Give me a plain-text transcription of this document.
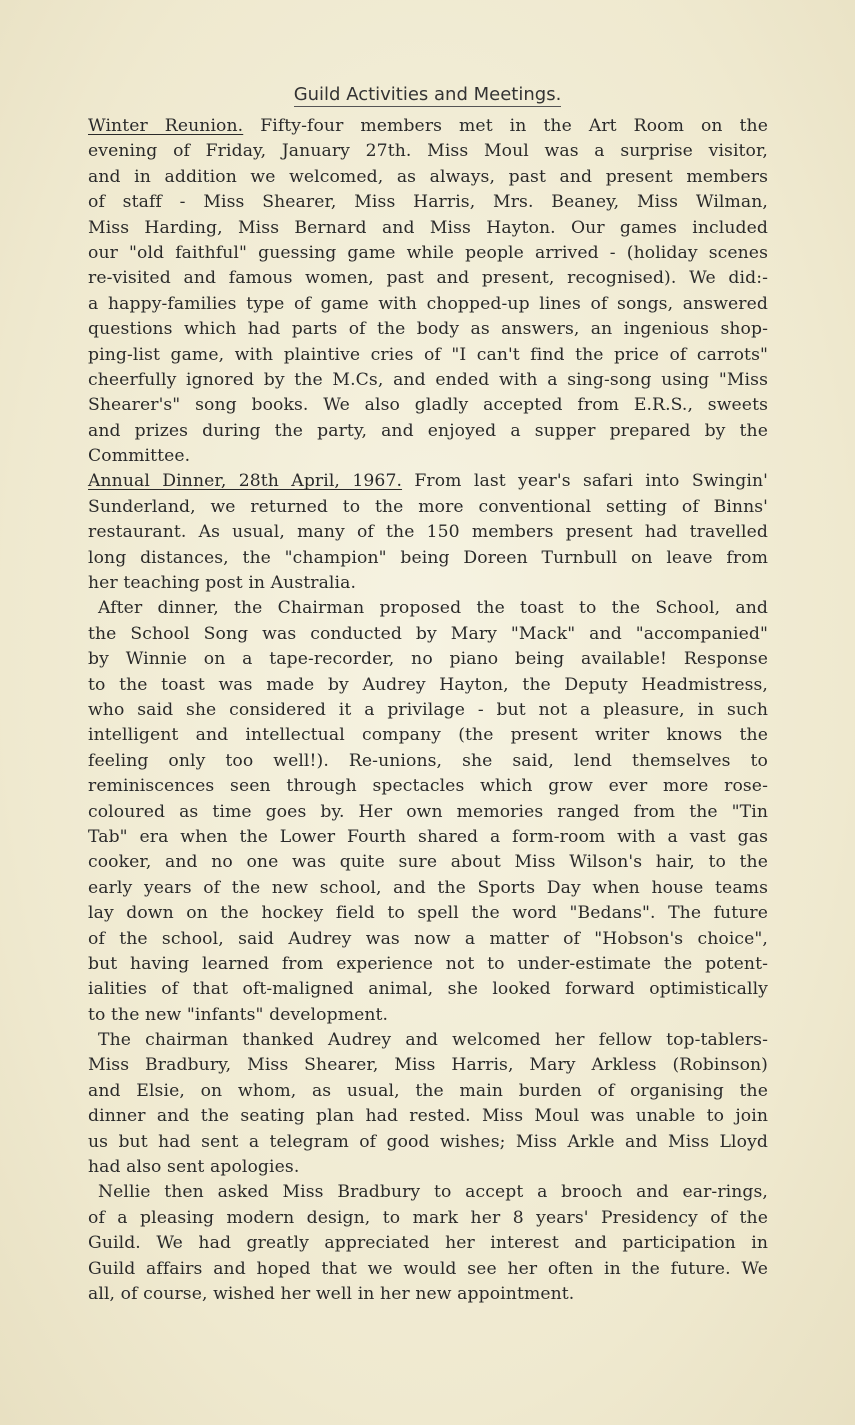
Guild Activities and Meetings.
Winter Reunion. Fifty-four members met in the Art Room on the
evening of Friday, January 27th. Miss Moul was a surprise visitor,
and in addition we welcomed, as always, past and present members
of staff - Miss Shearer, Miss Harris, Mrs. Beaney, Miss Wilman,
Miss Harding, Miss Bernard and Miss Hayton. Our games included
our "old faithful" guessing game while people arrived - (holiday scenes
re-visited and famous women, past and present, recognised). We did:-
a happy-families type of game with chopped-up lines of songs, answered
questions which had parts of the body as answers, an ingenious shop-
ping-list game, with plaintive cries of "I can't find the price of carrots"
cheerfully ignored by the M.Cs, and ended with a sing-song using "Miss
Shearer's" song books. We also gladly accepted from E.R.S., sweets
and prizes during the party, and enjoyed a supper prepared by the
Committee.
Annual Dinner, 28th April, 1967. From last year's safari into Swingin'
Sunderland, we returned to the more conventional setting of Binns'
restaurant. As usual, many of the 150 members present had travelled
long distances, the "champion" being Doreen Turnbull on leave from
her teaching post in Australia.
After dinner, the Chairman proposed the toast to the School, and
the School Song was conducted by Mary "Mack" and "accompanied"
by Winnie on a tape-recorder, no piano being available! Response
to the toast was made by Audrey Hayton, the Deputy Headmistress,
who said she considered it a privilage - but not a pleasure, in such
intelligent and intellectual company (the present writer knows the
feeling only too well!). Re-unions, she said, lend themselves to
reminiscences seen through spectacles which grow ever more rose-
coloured as time goes by. Her own memories ranged from the "Tin
Tab" era when the Lower Fourth shared a form-room with a vast gas
cooker, and no one was quite sure about Miss Wilson's hair, to the
early years of the new school, and the Sports Day when house teams
lay down on the hockey field to spell the word "Bedans". The future
of the school, said Audrey was now a matter of "Hobson's choice",
but having learned from experience not to under-estimate the potent-
ialities of that oft-maligned animal, she looked forward optimistically
to the new "infants" development.
The chairman thanked Audrey and welcomed her fellow top-tablers-
Miss Bradbury, Miss Shearer, Miss Harris, Mary Arkless (Robinson)
and Elsie, on whom, as usual, the main burden of organising the
dinner and the seating plan had rested. Miss Moul was unable to join
us but had sent a telegram of good wishes; Miss Arkle and Miss Lloyd
had also sent apologies.
Nellie then asked Miss Bradbury to accept a brooch and ear-rings,
of a pleasing modern design, to mark her 8 years' Presidency of the
Guild. We had greatly appreciated her interest and participation in
Guild affairs and hoped that we would see her often in the future. We
all, of course, wished her well in her new appointment.
